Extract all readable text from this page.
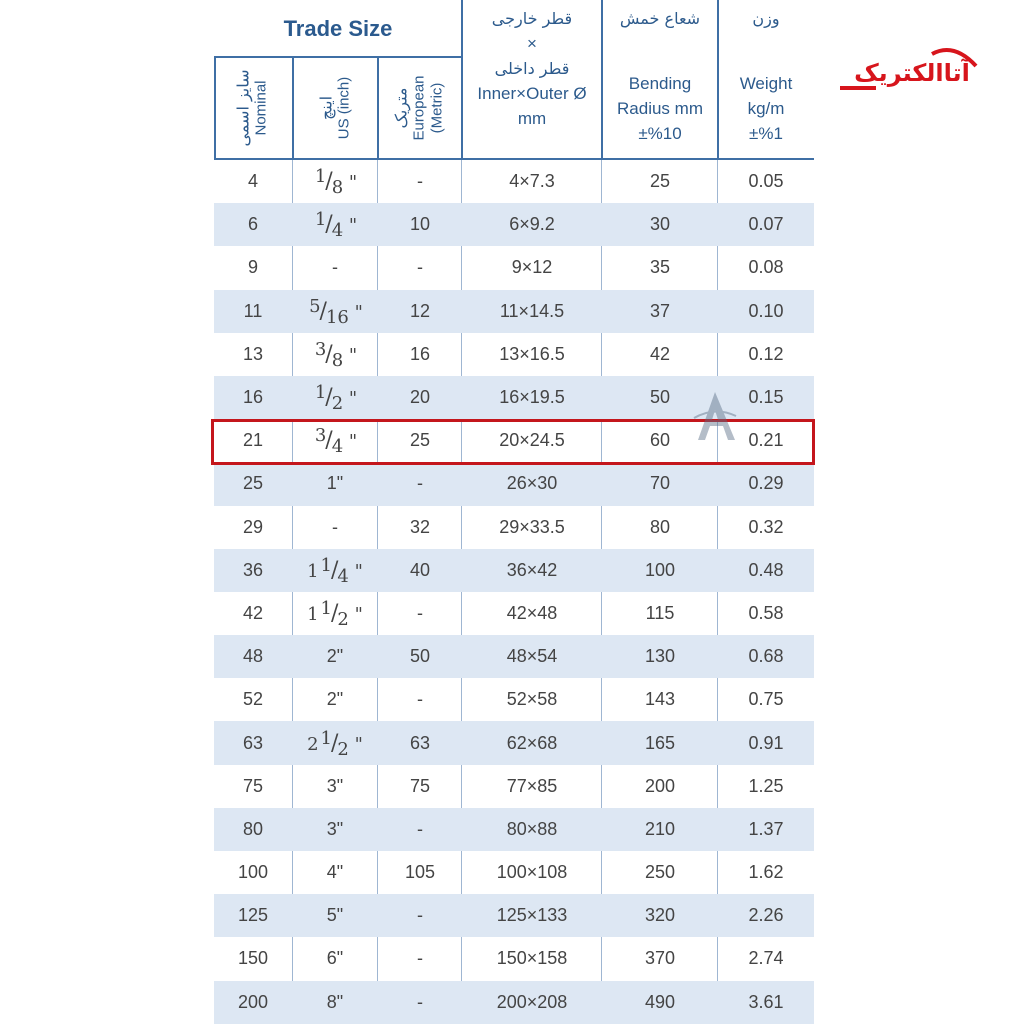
Trade Size
سایز اسمی Nominal	اینچ US (inch)	متریک European (Metric)
قطر خارجی
×
قطر داخلی
Inner×Outer Ø
mm
شعاع خمش
Bending
Radius mm
±%10
وزن
Weight
kg/m
±%1
4	1/8 "	-	4×7.3	25	0.05
6	1/4 "	10	6×9.2	30	0.07
9	-	-	9×12	35	0.08
11	5/16 "	12	11×14.5	37	0.10
13	3/8 "	16	13×16.5	42	0.12
16	1/2 "	20	16×19.5	50	0.15
21	3/4 "	25	20×24.5	60	0.21
25	1"	-	26×30	70	0.29
29	-	32	29×33.5	80	0.32
36	1 1/4 "	40	36×42	100	0.48
42	1 1/2 "	-	42×48	115	0.58
48	2"	50	48×54	130	0.68
52	2"	-	52×58	143	0.75
63	2 1/2 "	63	62×68	165	0.91
75	3"	75	77×85	200	1.25
80	3"	-	80×88	210	1.37
100	4"	105	100×108	250	1.62
125	5"	-	125×133	320	2.26
150	6"	-	150×158	370	2.74
200	8"	-	200×208	490	3.61
آتاالکتریک
